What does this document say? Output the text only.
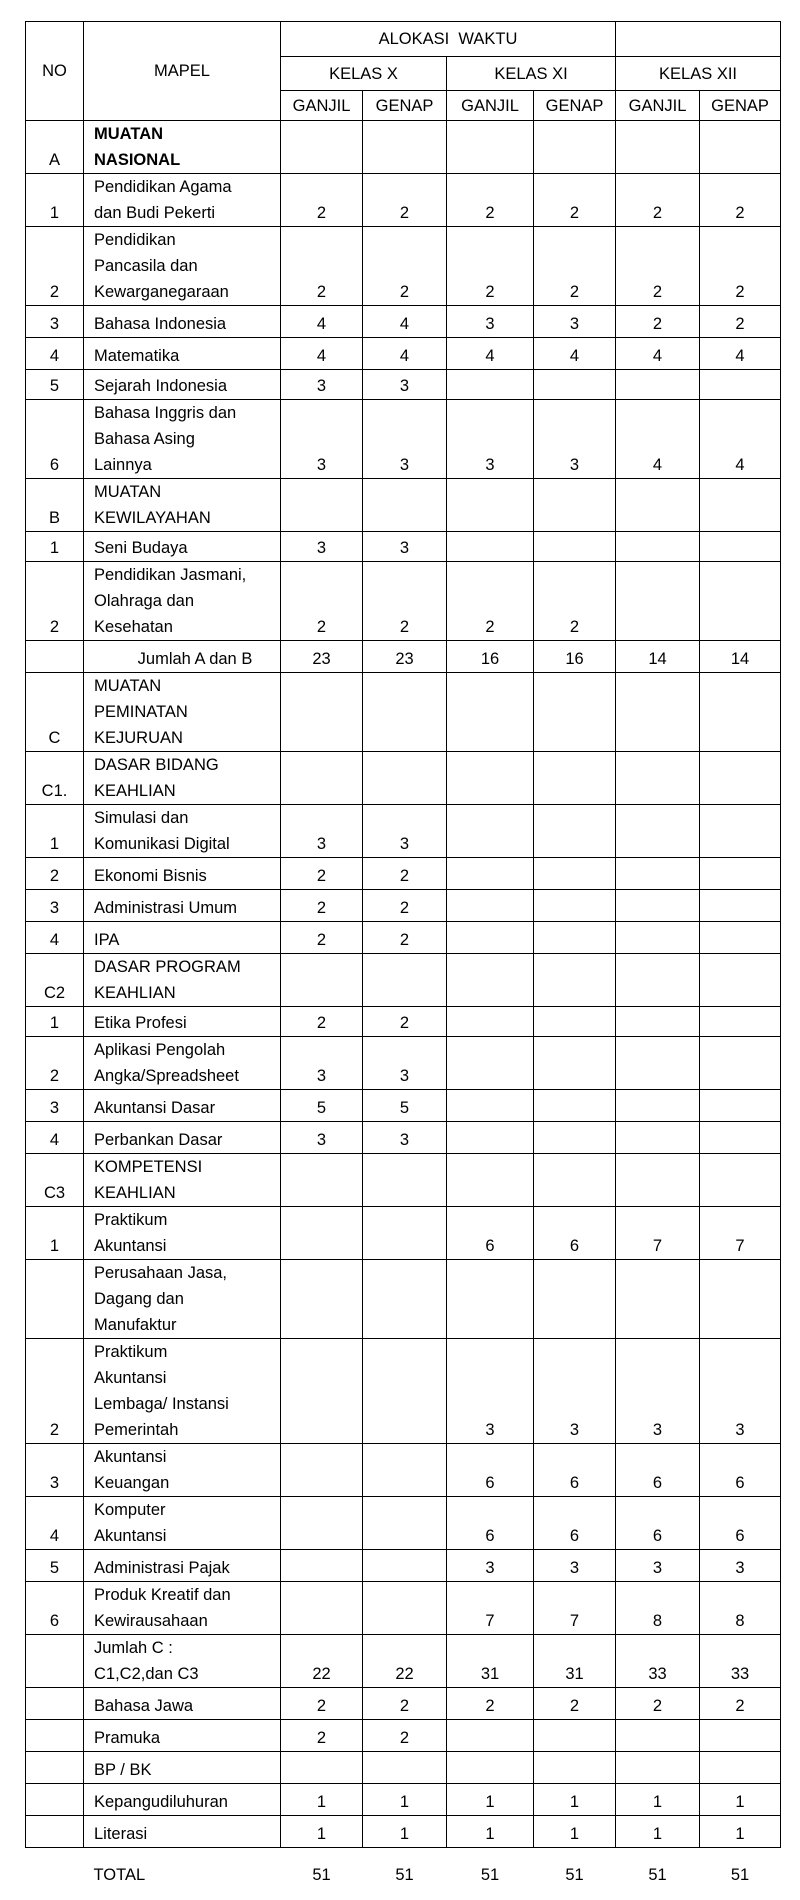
NO	MAPEL	ALOKASI  WAKTU					
		KELAS X		KELAS XI		KELAS XII	
		GANJIL	GENAP	GANJIL	GENAP	GANJIL	GENAP
A	MUATAN
NASIONAL						
1	Pendidikan Agama
dan Budi Pekerti	2	2	2	2	2	2
2	Pendidikan
Pancasila dan
Kewarganegaraan	2	2	2	2	2	2
3	Bahasa Indonesia	4	4	3	3	2	2
4	Matematika	4	4	4	4	4	4
5	Sejarah Indonesia	3	3				
6	Bahasa Inggris dan
Bahasa Asing
Lainnya	3	3	3	3	4	4
B	MUATAN
KEWILAYAHAN						
1	Seni Budaya	3	3				
2	Pendidikan Jasmani,
Olahraga dan
Kesehatan	2	2	2	2		
	Jumlah A dan B	23	23	16	16	14	14
C	MUATAN
PEMINATAN
KEJURUAN						
C1.	DASAR BIDANG
KEAHLIAN						
1	Simulasi dan
Komunikasi Digital	3	3				
2	Ekonomi Bisnis	2	2				
3	Administrasi Umum	2	2				
4	IPA	2	2				
C2	DASAR PROGRAM
KEAHLIAN						
1	Etika Profesi	2	2				
2	Aplikasi Pengolah
Angka/Spreadsheet	3	3				
3	Akuntansi Dasar	5	5				
4	Perbankan Dasar	3	3				
C3	KOMPETENSI
KEAHLIAN						
1	Praktikum
Akuntansi			6	6	7	7
	Perusahaan Jasa,
Dagang dan
Manufaktur						
2	Praktikum
Akuntansi
Lembaga/ Instansi
Pemerintah			3	3	3	3
3	Akuntansi
Keuangan			6	6	6	6
4	Komputer
Akuntansi			6	6	6	6
5	Administrasi Pajak			3	3	3	3
6	Produk Kreatif dan
Kewirausahaan			7	7	8	8
	Jumlah C :
C1,C2,dan C3	22	22	31	31	33	33
	Bahasa Jawa	2	2	2	2	2	2
	Pramuka	2	2				
	BP / BK						
	Kepangudiluhuran	1	1	1	1	1	1
	Literasi	1	1	1	1	1	1
	TOTAL	51	51	51	51	51	51
